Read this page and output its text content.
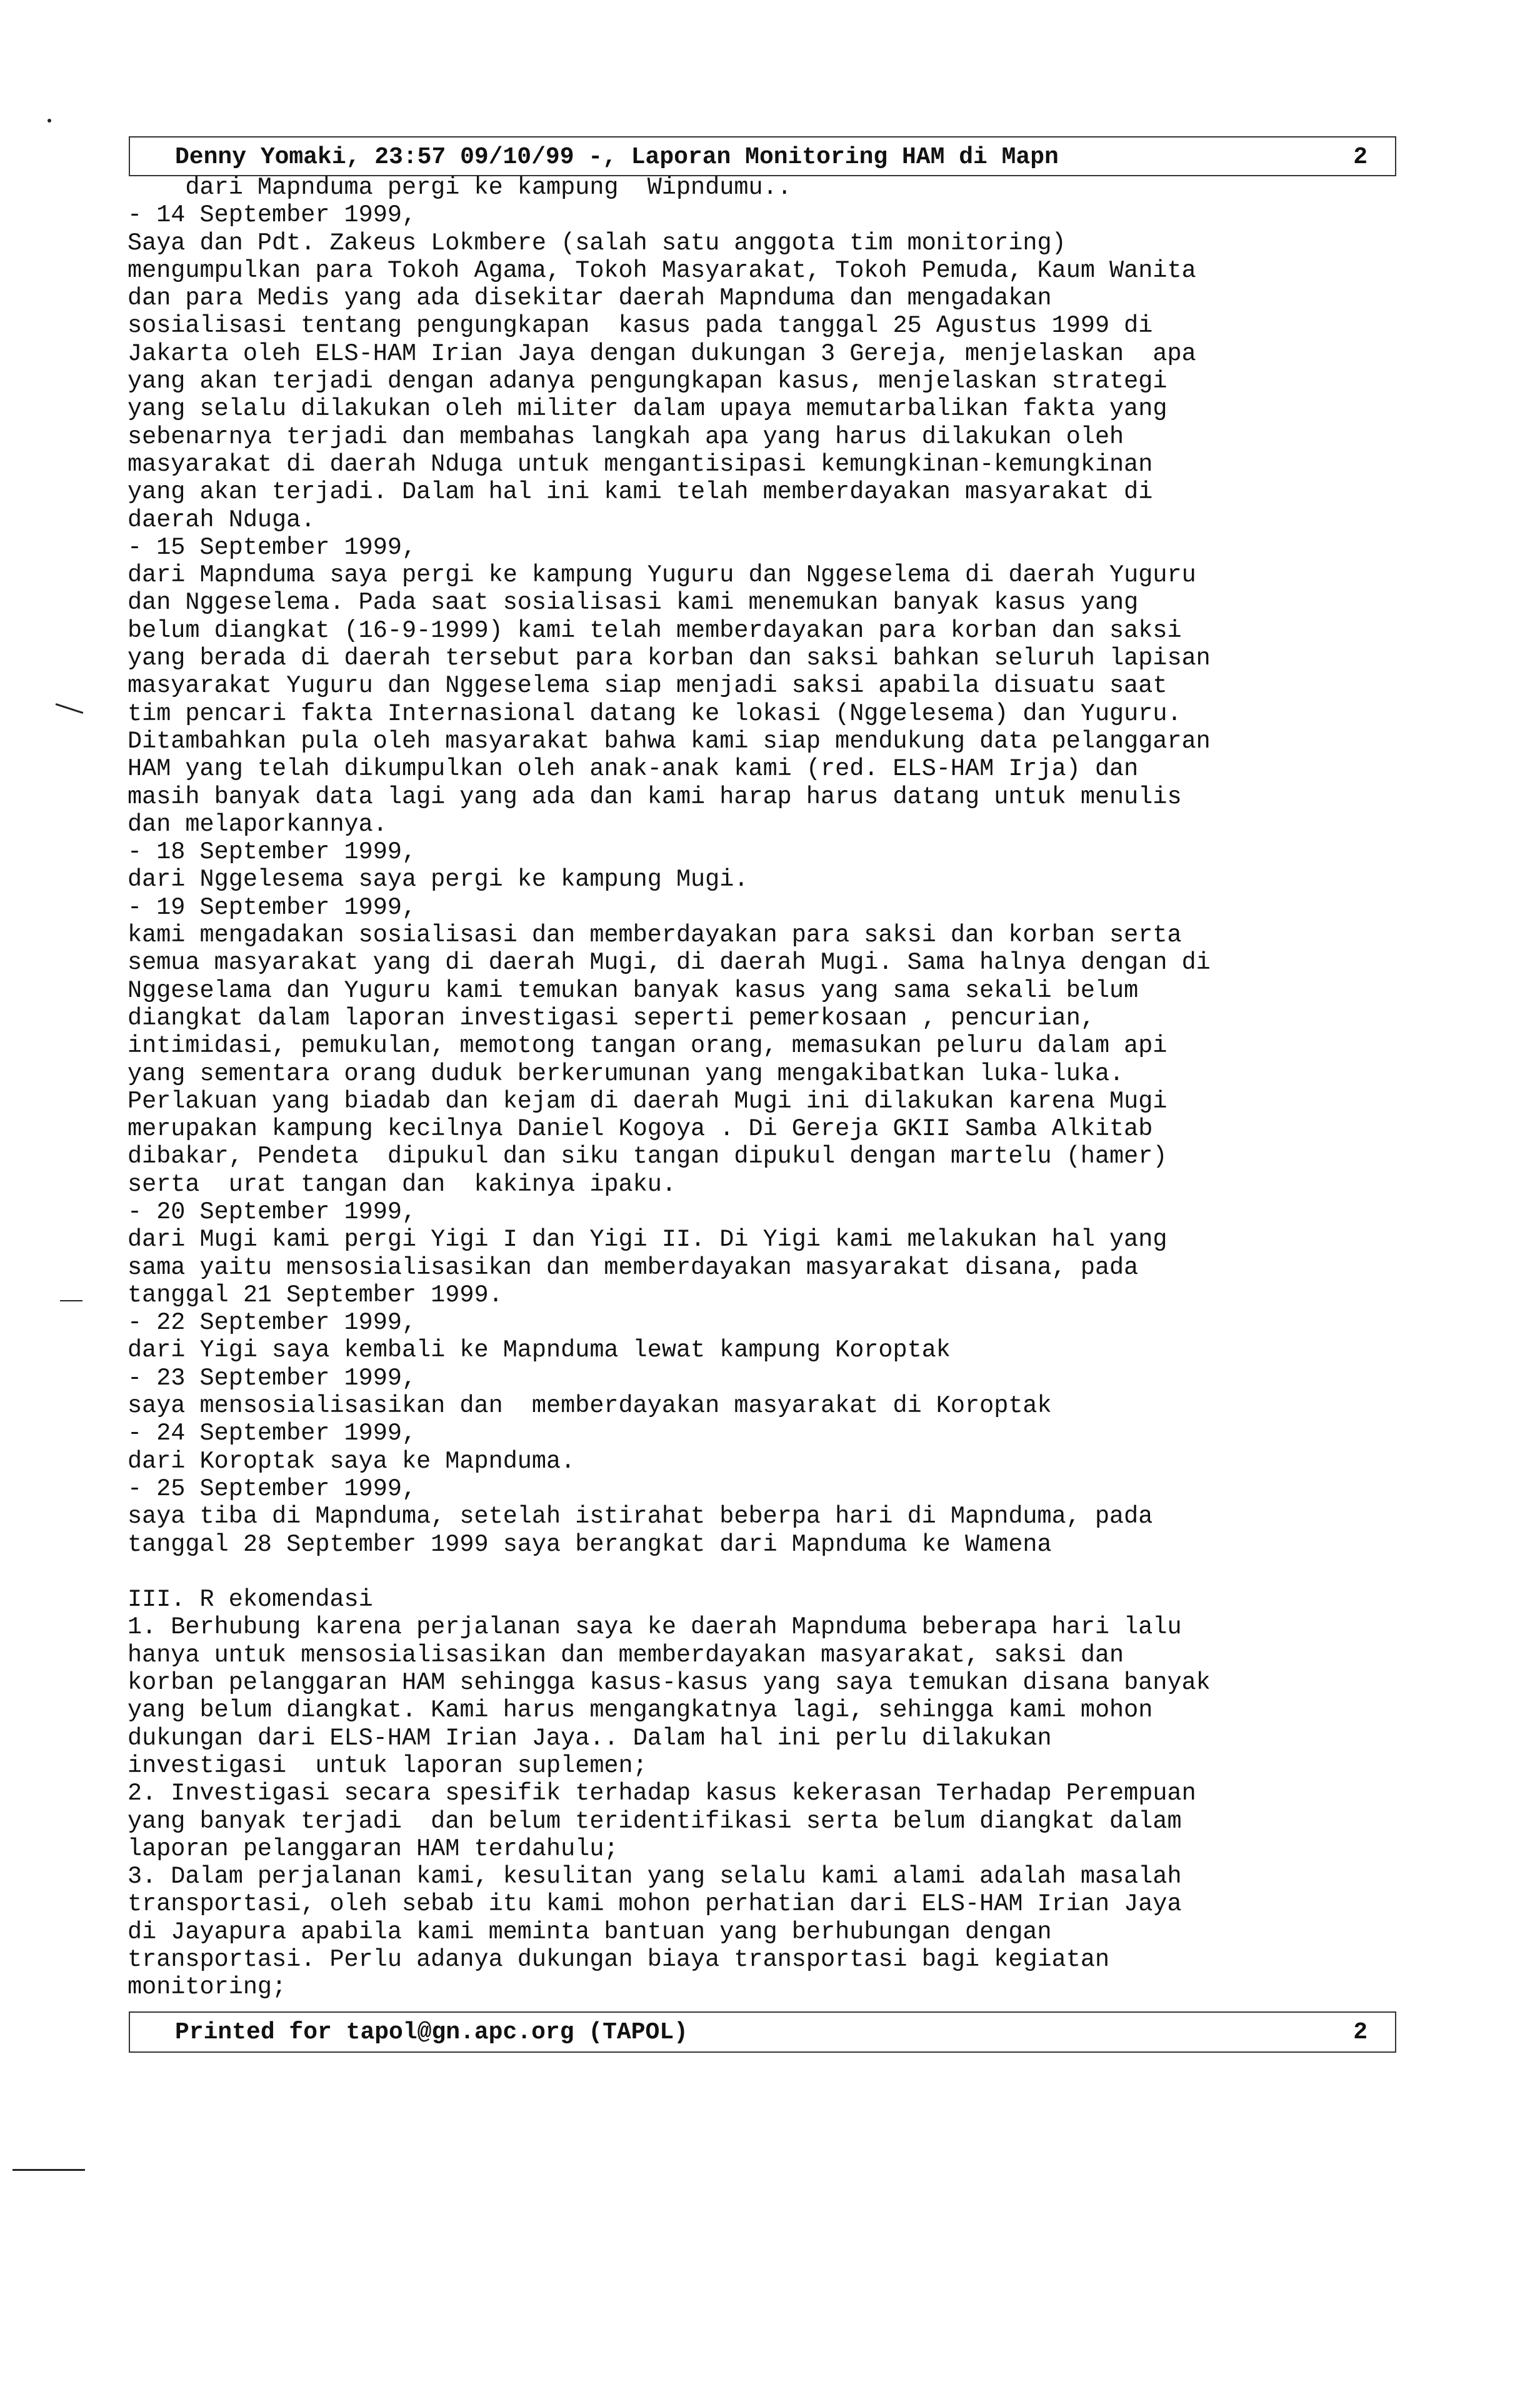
Denny Yomaki, 23:57 09/10/99 -, Laporan Monitoring HAM di Mapn	2
dari Mapnduma pergi ke kampung  Wipndumu..
- 14 September 1999,
Saya dan Pdt. Zakeus Lokmbere (salah satu anggota tim monitoring)
mengumpulkan para Tokoh Agama, Tokoh Masyarakat, Tokoh Pemuda, Kaum Wanita
dan para Medis yang ada disekitar daerah Mapnduma dan mengadakan
sosialisasi tentang pengungkapan  kasus pada tanggal 25 Agustus 1999 di
Jakarta oleh ELS-HAM Irian Jaya dengan dukungan 3 Gereja, menjelaskan  apa
yang akan terjadi dengan adanya pengungkapan kasus, menjelaskan strategi
yang selalu dilakukan oleh militer dalam upaya memutarbalikan fakta yang
sebenarnya terjadi dan membahas langkah apa yang harus dilakukan oleh
masyarakat di daerah Nduga untuk mengantisipasi kemungkinan-kemungkinan
yang akan terjadi. Dalam hal ini kami telah memberdayakan masyarakat di
daerah Nduga.
- 15 September 1999,
dari Mapnduma saya pergi ke kampung Yuguru dan Nggeselema di daerah Yuguru
dan Nggeselema. Pada saat sosialisasi kami menemukan banyak kasus yang
belum diangkat (16-9-1999) kami telah memberdayakan para korban dan saksi
yang berada di daerah tersebut para korban dan saksi bahkan seluruh lapisan
masyarakat Yuguru dan Nggeselema siap menjadi saksi apabila disuatu saat
tim pencari fakta Internasional datang ke lokasi (Nggelesema) dan Yuguru.
Ditambahkan pula oleh masyarakat bahwa kami siap mendukung data pelanggaran
HAM yang telah dikumpulkan oleh anak-anak kami (red. ELS-HAM Irja) dan
masih banyak data lagi yang ada dan kami harap harus datang untuk menulis
dan melaporkannya.
- 18 September 1999,
dari Nggelesema saya pergi ke kampung Mugi.
- 19 September 1999,
kami mengadakan sosialisasi dan memberdayakan para saksi dan korban serta
semua masyarakat yang di daerah Mugi, di daerah Mugi. Sama halnya dengan di
Nggeselama dan Yuguru kami temukan banyak kasus yang sama sekali belum
diangkat dalam laporan investigasi seperti pemerkosaan , pencurian,
intimidasi, pemukulan, memotong tangan orang, memasukan peluru dalam api
yang sementara orang duduk berkerumunan yang mengakibatkan luka-luka.
Perlakuan yang biadab dan kejam di daerah Mugi ini dilakukan karena Mugi
merupakan kampung kecilnya Daniel Kogoya . Di Gereja GKII Samba Alkitab
dibakar, Pendeta  dipukul dan siku tangan dipukul dengan martelu (hamer)
serta  urat tangan dan  kakinya ipaku.
- 20 September 1999,
dari Mugi kami pergi Yigi I dan Yigi II. Di Yigi kami melakukan hal yang
sama yaitu mensosialisasikan dan memberdayakan masyarakat disana, pada
tanggal 21 September 1999.
- 22 September 1999,
dari Yigi saya kembali ke Mapnduma lewat kampung Koroptak
- 23 September 1999,
saya mensosialisasikan dan  memberdayakan masyarakat di Koroptak
- 24 September 1999,
dari Koroptak saya ke Mapnduma.
- 25 September 1999,
saya tiba di Mapnduma, setelah istirahat beberpa hari di Mapnduma, pada
tanggal 28 September 1999 saya berangkat dari Mapnduma ke Wamena
III. R ekomendasi
1. Berhubung karena perjalanan saya ke daerah Mapnduma beberapa hari lalu
hanya untuk mensosialisasikan dan memberdayakan masyarakat, saksi dan
korban pelanggaran HAM sehingga kasus-kasus yang saya temukan disana banyak
yang belum diangkat. Kami harus mengangkatnya lagi, sehingga kami mohon
dukungan dari ELS-HAM Irian Jaya.. Dalam hal ini perlu dilakukan
investigasi  untuk laporan suplemen;
2. Investigasi secara spesifik terhadap kasus kekerasan Terhadap Perempuan
yang banyak terjadi  dan belum teridentifikasi serta belum diangkat dalam
laporan pelanggaran HAM terdahulu;
3. Dalam perjalanan kami, kesulitan yang selalu kami alami adalah masalah
transportasi, oleh sebab itu kami mohon perhatian dari ELS-HAM Irian Jaya
di Jayapura apabila kami meminta bantuan yang berhubungan dengan
transportasi. Perlu adanya dukungan biaya transportasi bagi kegiatan
monitoring;
Printed for tapol@gn.apc.org (TAPOL)	2
